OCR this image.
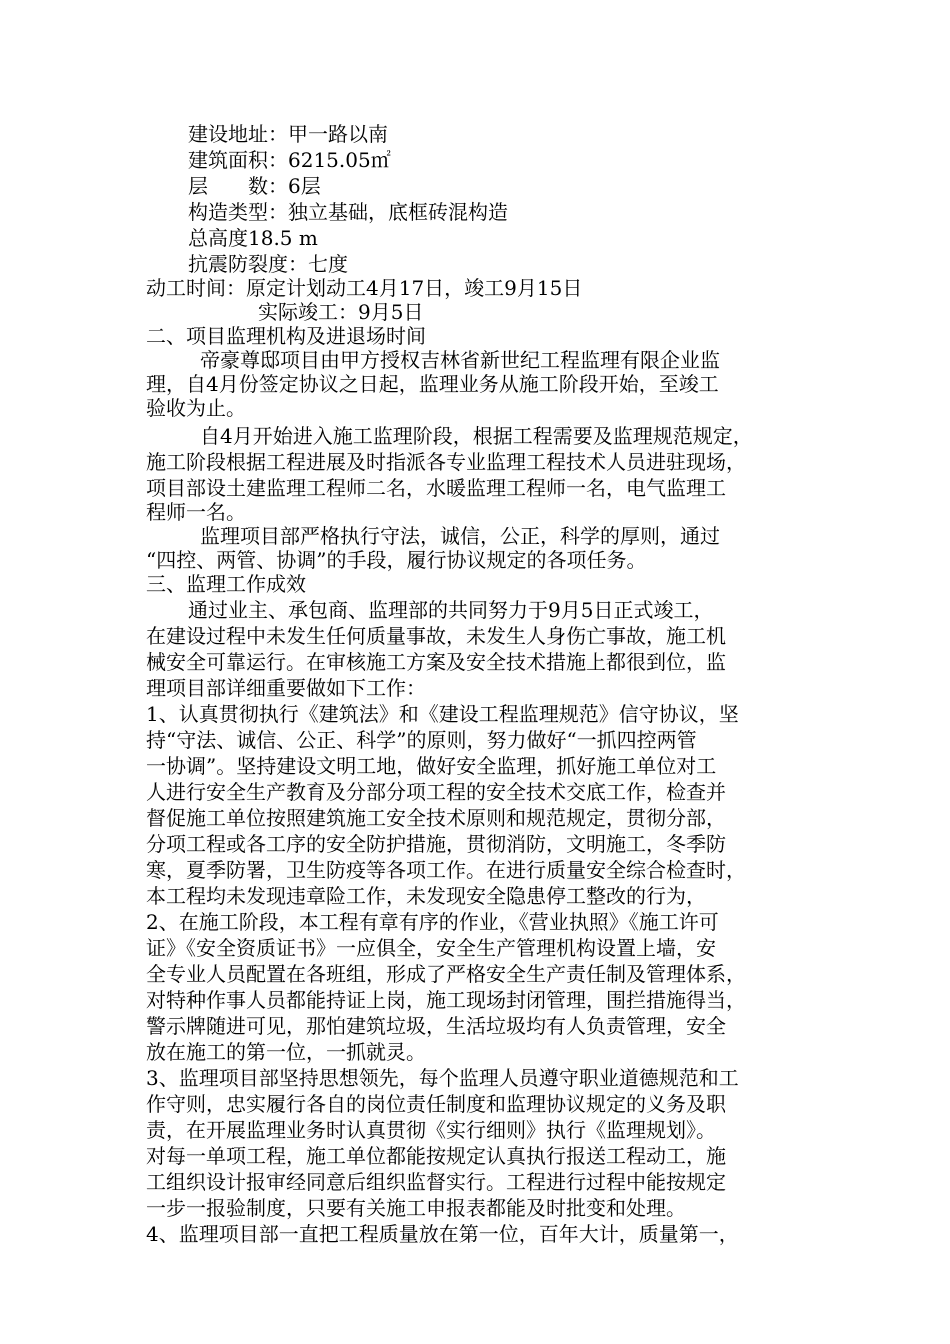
建设地址：甲一路以南
建筑面积：6215.05㎡
层　　数：6层
构造类型：独立基础，底框砖混构造
总高度18.5 m
抗震防裂度：七度
动工时间：原定计划动工4月17日，竣工9月15日
实际竣工：9月5日
二、项目监理机构及进退场时间
帝豪尊邸项目由甲方授权吉林省新世纪工程监理有限企业监
理，自4月份签定协议之日起，监理业务从施工阶段开始，至竣工
验收为止。
自4月开始进入施工监理阶段，根据工程需要及监理规范规定，
施工阶段根据工程进展及时指派各专业监理工程技术人员进驻现场，
项目部设土建监理工程师二名，水暖监理工程师一名，电气监理工
程师一名。
监理项目部严格执行守法，诚信，公正，科学的厚则，通过
“四控、两管、协调”的手段，履行协议规定的各项任务。
三、监理工作成效
通过业主、承包商、监理部的共同努力于9月5日正式竣工，
在建设过程中未发生任何质量事故，未发生人身伤亡事故，施工机
械安全可靠运行。在审核施工方案及安全技术措施上都很到位，监
理项目部详细重要做如下工作：
1、认真贯彻执行《建筑法》和《建设工程监理规范》信守协议，坚
持“守法、诚信、公正、科学”的原则，努力做好“一抓四控两管
一协调”。坚持建设文明工地，做好安全监理，抓好施工单位对工
人进行安全生产教育及分部分项工程的安全技术交底工作，检查并
督促施工单位按照建筑施工安全技术原则和规范规定，贯彻分部，
分项工程或各工序的安全防护措施，贯彻消防，文明施工，冬季防
寒，夏季防署，卫生防疫等各项工作。在进行质量安全综合检查时，
本工程均未发现违章险工作，未发现安全隐患停工整改的行为，
2、在施工阶段，本工程有章有序的作业，《营业执照》《施工许可
证》《安全资质证书》一应俱全，安全生产管理机构设置上墙，安
全专业人员配置在各班组，形成了严格安全生产责任制及管理体系，
对特种作事人员都能持证上岗，施工现场封闭管理，围拦措施得当，
警示牌随进可见，那怕建筑垃圾，生活垃圾均有人负责管理，安全
放在施工的第一位，一抓就灵。
3、监理项目部坚持思想领先，每个监理人员遵守职业道德规范和工
作守则，忠实履行各自的岗位责任制度和监理协议规定的义务及职
责，在开展监理业务时认真贯彻《实行细则》执行《监理规划》。
对每一单项工程，施工单位都能按规定认真执行报送工程动工，施
工组织设计报审经同意后组织监督实行。工程进行过程中能按规定
一步一报验制度，只要有关施工申报表都能及时批变和处理。
4、监理项目部一直把工程质量放在第一位，百年大计，质量第一，
